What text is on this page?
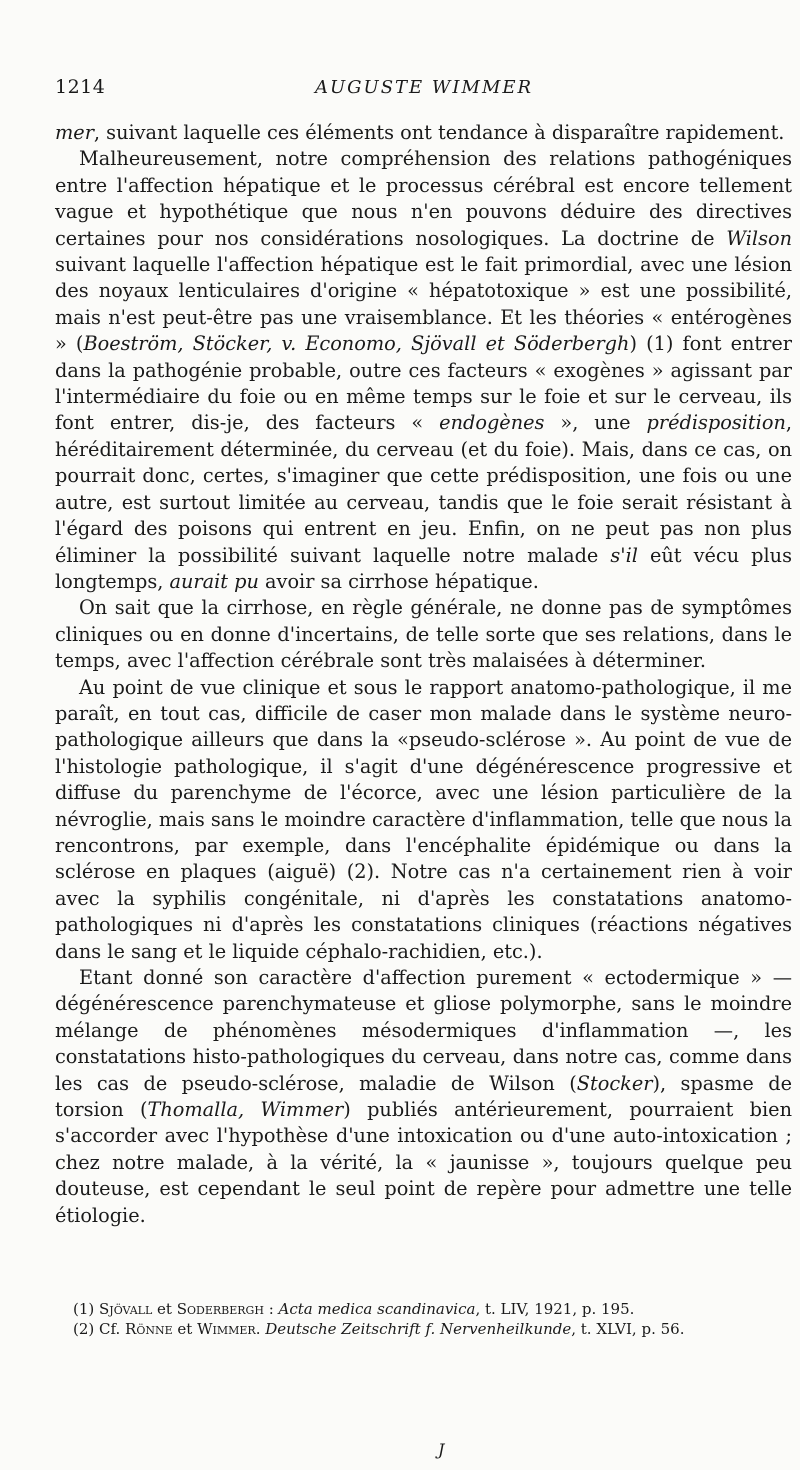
1214	AUGUSTE WIMMER

mer, suivant laquelle ces éléments ont tendance à disparaître rapidement.

Malheureusement, notre compréhension des relations pathogéniques entre l'affection hépatique et le processus cérébral est encore tellement vague et hypothétique que nous n'en pouvons déduire des directives certaines pour nos considérations nosologiques. La doctrine de Wilson suivant laquelle l'affection hépatique est le fait primordial, avec une lésion des noyaux lenticulaires d'origine « hépatotoxique » est une possibilité, mais n'est peut-être pas une vraisemblance. Et les théories « entérogènes » (Boeström, Stöcker, v. Economo, Sjövall et Söderbergh) (1) font entrer dans la pathogénie probable, outre ces facteurs « exogènes » agissant par l'intermédiaire du foie ou en même temps sur le foie et sur le cerveau, ils font entrer, dis-je, des facteurs « endogènes », une prédisposition, héréditairement déterminée, du cerveau (et du foie). Mais, dans ce cas, on pourrait donc, certes, s'imaginer que cette prédisposition, une fois ou une autre, est surtout limitée au cerveau, tandis que le foie serait résistant à l'égard des poisons qui entrent en jeu. Enfin, on ne peut pas non plus éliminer la possibilité suivant laquelle notre malade s'il eût vécu plus longtemps, aurait pu avoir sa cirrhose hépatique.

On sait que la cirrhose, en règle générale, ne donne pas de symptômes cliniques ou en donne d'incertains, de telle sorte que ses relations, dans le temps, avec l'affection cérébrale sont très malaisées à déterminer.

Au point de vue clinique et sous le rapport anatomo-pathologique, il me paraît, en tout cas, difficile de caser mon malade dans le système neuro-pathologique ailleurs que dans la «pseudo-sclérose ». Au point de vue de l'histologie pathologique, il s'agit d'une dégénérescence progressive et diffuse du parenchyme de l'écorce, avec une lésion particulière de la névroglie, mais sans le moindre caractère d'inflammation, telle que nous la rencontrons, par exemple, dans l'encéphalite épidémique ou dans la sclérose en plaques (aiguë) (2). Notre cas n'a certainement rien à voir avec la syphilis congénitale, ni d'après les constatations anatomo-pathologiques ni d'après les constatations cliniques (réactions négatives dans le sang et le liquide céphalo-rachidien, etc.).

Etant donné son caractère d'affection purement « ectodermique » — dégénérescence parenchymateuse et gliose polymorphe, sans le moindre mélange de phénomènes mésodermiques d'inflammation —, les constatations histo-pathologiques du cerveau, dans notre cas, comme dans les cas de pseudo-sclérose, maladie de Wilson (Stocker), spasme de torsion (Thomalla, Wimmer) publiés antérieurement, pourraient bien s'accorder avec l'hypothèse d'une intoxication ou d'une auto-intoxication ; chez notre malade, à la vérité, la « jaunisse », toujours quelque peu douteuse, est cependant le seul point de repère pour admettre une telle étiologie.

(1) Sjövall et Soderbergh : Acta medica scandinavica, t. LIV, 1921, p. 195.

(2) Cf. Rönne et Wimmer. Deutsche Zeitschrift f. Nervenheilkunde, t. XLVI, p. 56.

J
